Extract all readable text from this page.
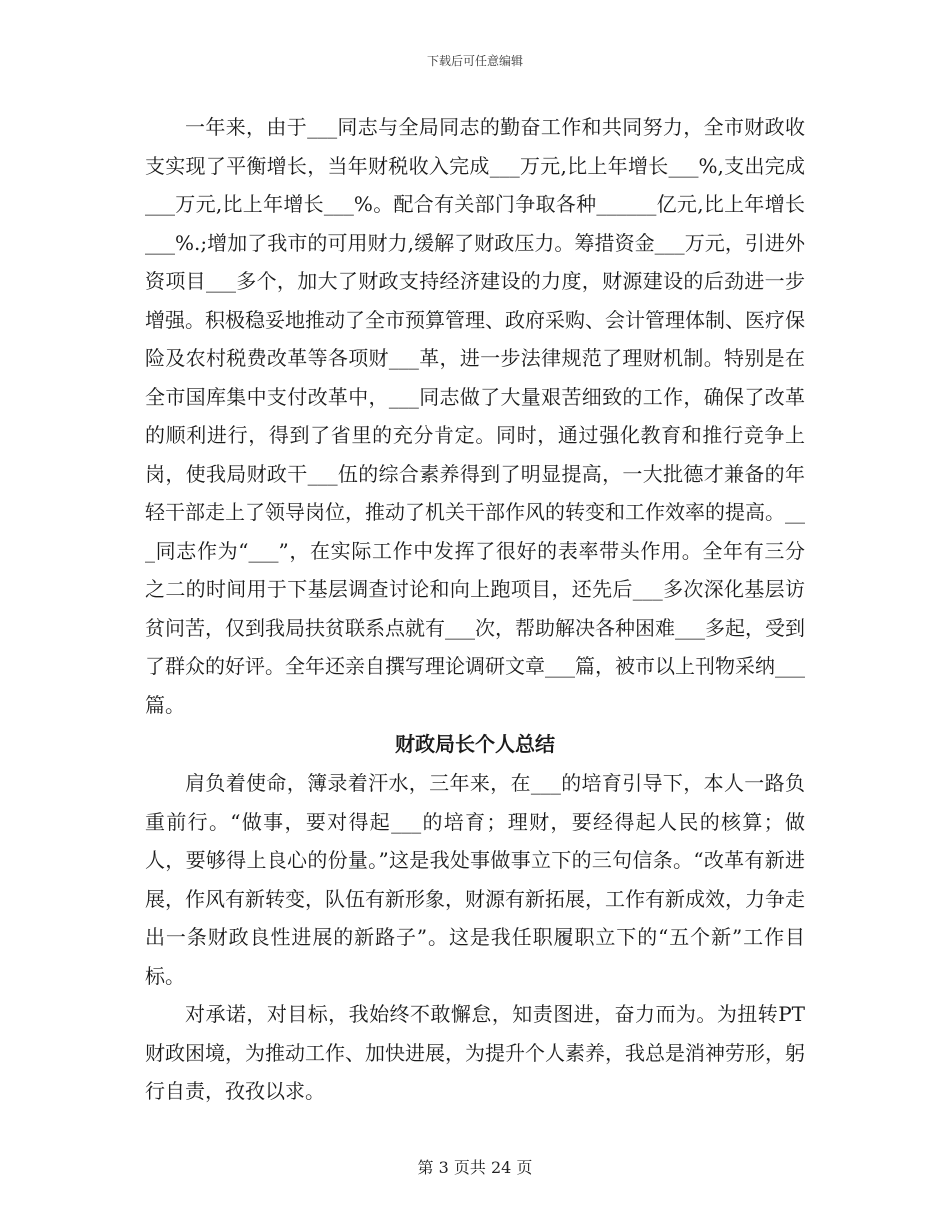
下载后可任意编辑

一年来，由于___同志与全局同志的勤奋工作和共同努力，全市财政收支实现了平衡增长，当年财税收入完成___万元,比上年增长___%,支出完成___万元,比上年增长___%。配合有关部门争取各种______亿元,比上年增长___%.;增加了我市的可用财力,缓解了财政压力。筹措资金___万元，引进外资项目___多个，加大了财政支持经济建设的力度，财源建设的后劲进一步增强。积极稳妥地推动了全市预算管理、政府采购、会计管理体制、医疗保险及农村税费改革等各项财___革，进一步法律规范了理财机制。特别是在全市国库集中支付改革中，___同志做了大量艰苦细致的工作，确保了改革的顺利进行，得到了省里的充分肯定。同时，通过强化教育和推行竞争上岗，使我局财政干___伍的综合素养得到了明显提高，一大批德才兼备的年轻干部走上了领导岗位，推动了机关干部作风的转变和工作效率的提高。___同志作为“___”，在实际工作中发挥了很好的表率带头作用。全年有三分之二的时间用于下基层调查讨论和向上跑项目，还先后___多次深化基层访贫问苦，仅到我局扶贫联系点就有___次，帮助解决各种困难___多起，受到了群众的好评。全年还亲自撰写理论调研文章___篇，被市以上刊物采纳___篇。

财政局长个人总结

肩负着使命，簿录着汗水，三年来，在___的培育引导下，本人一路负重前行。“做事，要对得起___的培育；理财，要经得起人民的核算；做人，要够得上良心的份量。”这是我处事做事立下的三句信条。“改革有新进展，作风有新转变，队伍有新形象，财源有新拓展，工作有新成效，力争走出一条财政良性进展的新路子”。这是我任职履职立下的“五个新”工作目标。

对承诺，对目标，我始终不敢懈怠，知责图进，奋力而为。为扭转PT财政困境，为推动工作、加快进展，为提升个人素养，我总是消神劳形，躬行自责，孜孜以求。

第 3 页共 24 页
